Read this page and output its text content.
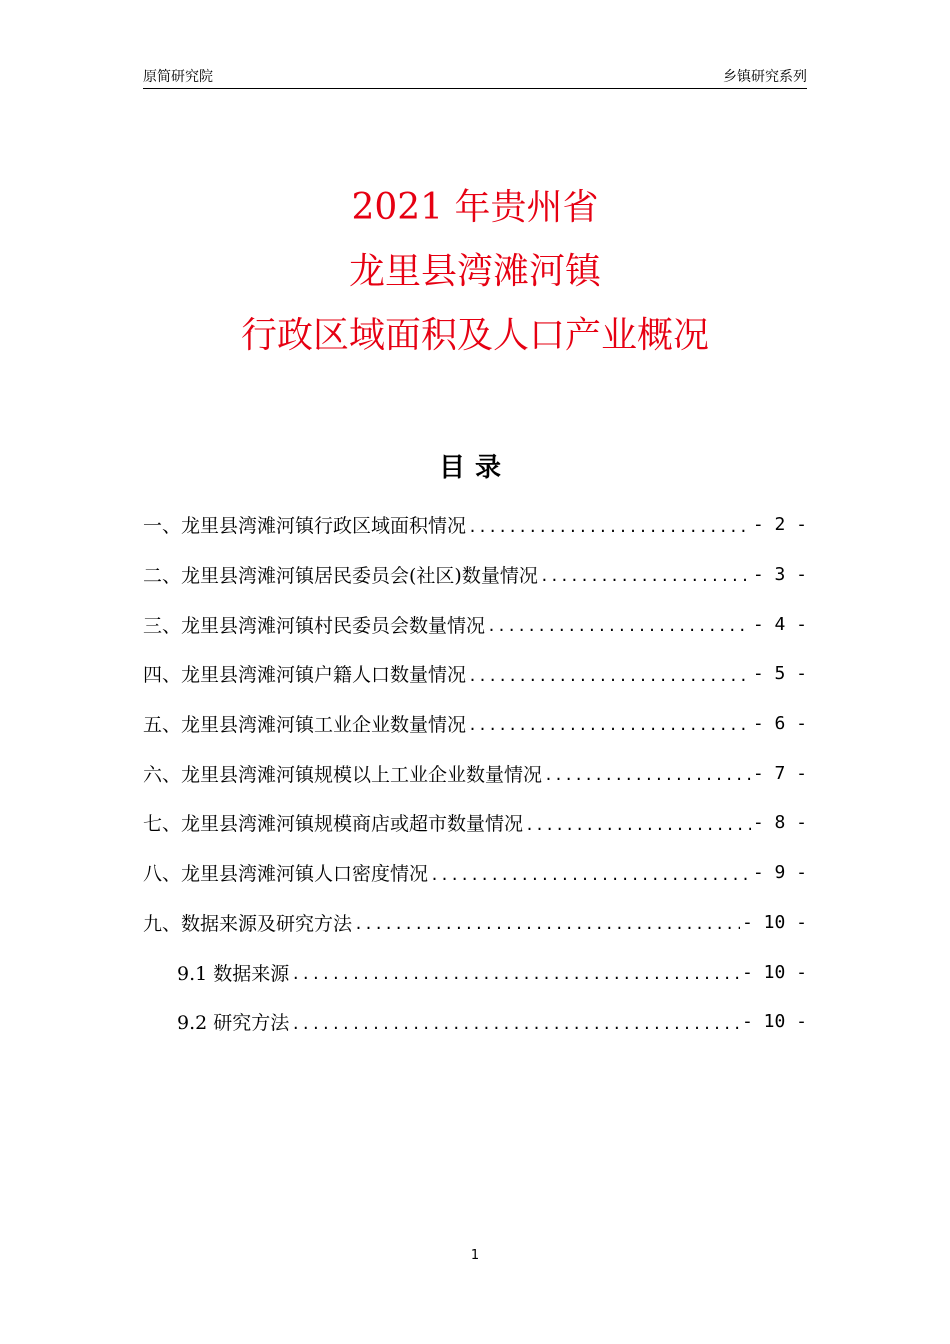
原简研究院	乡镇研究系列
2021 年贵州省
龙里县湾滩河镇
行政区域面积及人口产业概况
目录
一、龙里县湾滩河镇行政区域面积情况 .....	- 2 -
二、龙里县湾滩河镇居民委员会(社区)数量情况 .....	- 3 -
三、龙里县湾滩河镇村民委员会数量情况 .....	- 4 -
四、龙里县湾滩河镇户籍人口数量情况 .....	- 5 -
五、龙里县湾滩河镇工业企业数量情况 .....	- 6 -
六、龙里县湾滩河镇规模以上工业企业数量情况 .....	- 7 -
七、龙里县湾滩河镇规模商店或超市数量情况 .....	- 8 -
八、龙里县湾滩河镇人口密度情况 .....	- 9 -
九、数据来源及研究方法 .....	- 10 -
9.1 数据来源 .....	- 10 -
9.2 研究方法 .....	- 10 -
1
